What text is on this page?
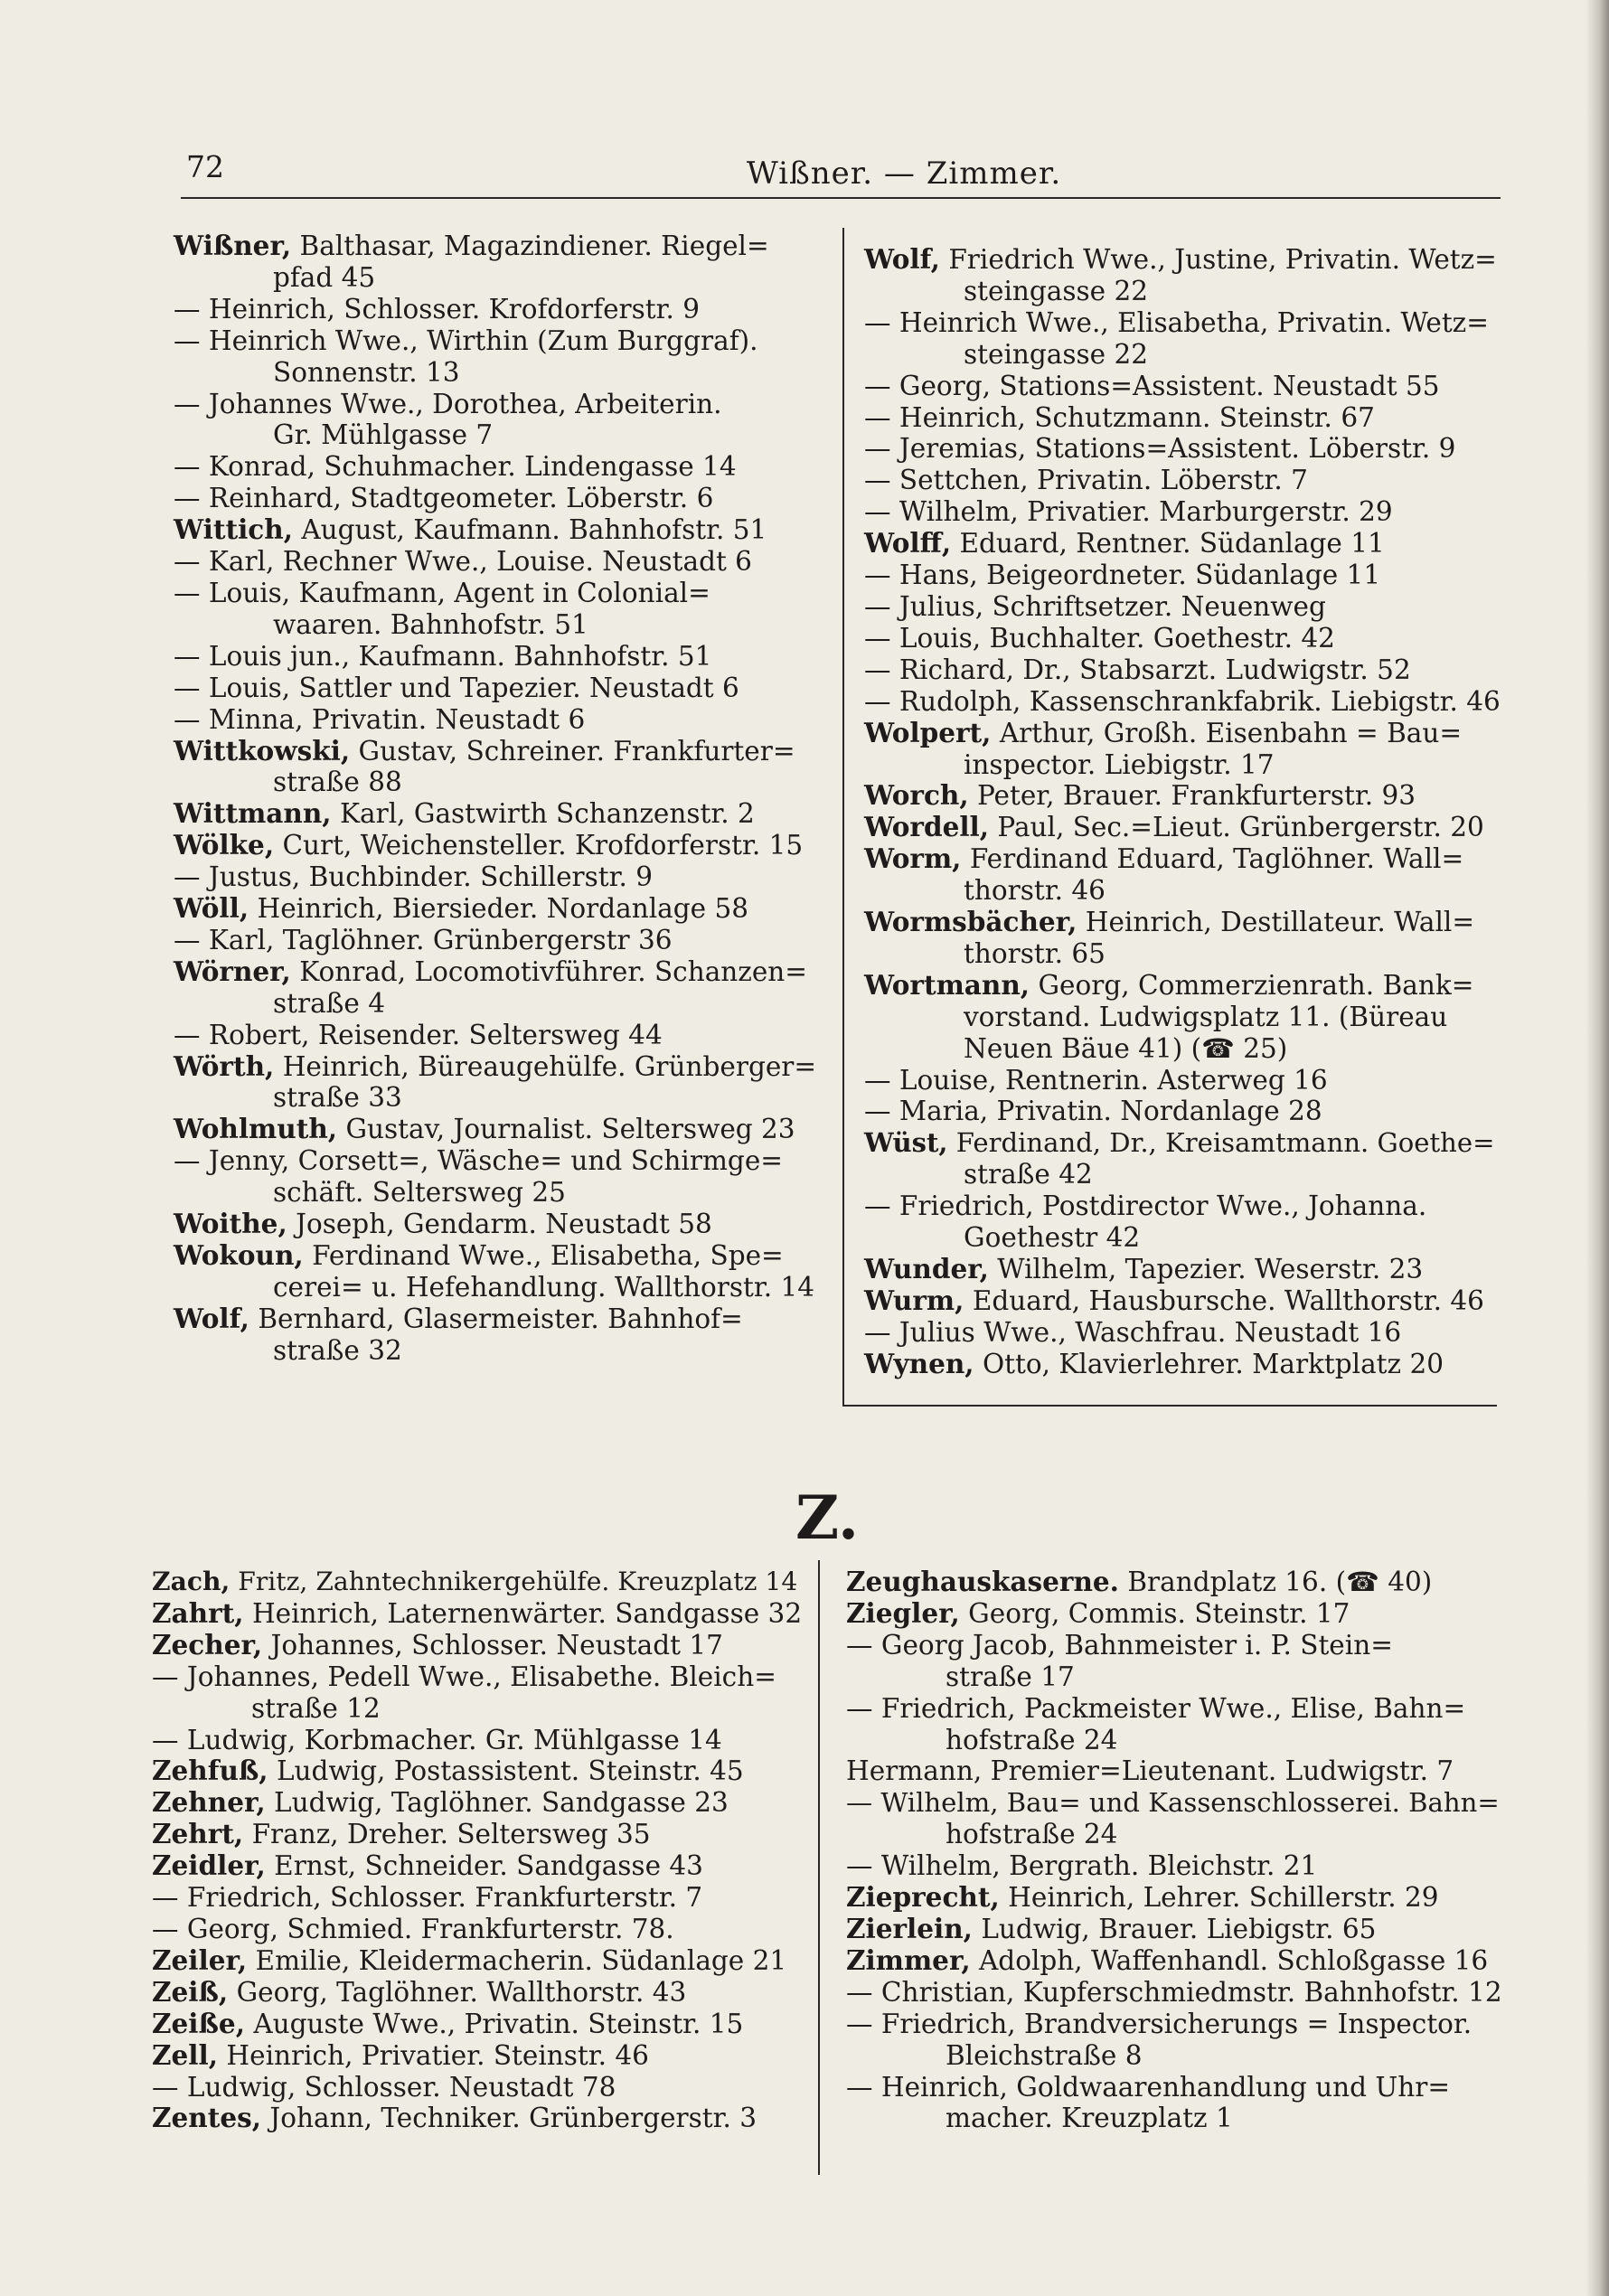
72	Wißner. — Zimmer.
Z.
Wißner,
Balthasar, Magazindiener. Riegel=
pfad 45
— Heinrich, Schlosser. Krofdorferstr. 9
— Heinrich Wwe., Wirthin (Zum Burggraf).
Sonnenstr. 13
— Johannes Wwe., Dorothea, Arbeiterin.
Gr. Mühlgasse 7
— Konrad, Schuhmacher. Lindengasse 14
— Reinhard, Stadtgeometer. Löberstr. 6
Wittich,
August, Kaufmann. Bahnhofstr. 51
— Karl, Rechner Wwe., Louise. Neustadt 6
— Louis, Kaufmann, Agent in Colonial=
waaren. Bahnhofstr. 51
— Louis jun., Kaufmann. Bahnhofstr. 51
— Louis, Sattler und Tapezier. Neustadt 6
— Minna, Privatin. Neustadt 6
Wittkowski,
Gustav, Schreiner. Frankfurter=
straße 88
Wittmann,
Karl, Gastwirth Schanzenstr. 2
Wölke,
Curt, Weichensteller. Krofdorferstr. 15
— Justus, Buchbinder. Schillerstr. 9
Wöll,
Heinrich, Biersieder. Nordanlage 58
— Karl, Taglöhner. Grünbergerstr 36
Wörner,
Konrad, Locomotivführer. Schanzen=
straße 4
— Robert, Reisender. Seltersweg 44
Wörth,
Heinrich, Büreaugehülfe. Grünberger=
straße 33
Wohlmuth,
Gustav, Journalist. Seltersweg 23
— Jenny, Corsett=, Wäsche= und Schirmge=
schäft. Seltersweg 25
Woithe,
Joseph, Gendarm. Neustadt 58
Wokoun,
Ferdinand Wwe., Elisabetha, Spe=
cerei= u. Hefehandlung. Wallthorstr. 14
Wolf,
Bernhard, Glasermeister. Bahnhof=
straße 32
Wolf,
Friedrich Wwe., Justine, Privatin. Wetz=
steingasse 22
— Heinrich Wwe., Elisabetha, Privatin. Wetz=
steingasse 22
— Georg, Stations=Assistent. Neustadt 55
— Heinrich, Schutzmann. Steinstr. 67
— Jeremias, Stations=Assistent. Löberstr. 9
— Settchen, Privatin. Löberstr. 7
— Wilhelm, Privatier. Marburgerstr. 29
Wolff,
Eduard, Rentner. Südanlage 11
— Hans, Beigeordneter. Südanlage 11
— Julius, Schriftsetzer. Neuenweg
— Louis, Buchhalter. Goethestr. 42
— Richard, Dr., Stabsarzt. Ludwigstr. 52
— Rudolph, Kassenschrankfabrik. Liebigstr. 46
Wolpert,
Arthur, Großh. Eisenbahn = Bau=
inspector. Liebigstr. 17
Worch,
Peter, Brauer. Frankfurterstr. 93
Wordell,
Paul, Sec.=Lieut. Grünbergerstr. 20
Worm,
Ferdinand Eduard, Taglöhner. Wall=
thorstr. 46
Wormsbächer,
Heinrich, Destillateur. Wall=
thorstr. 65
Wortmann,
Georg, Commerzienrath. Bank=
vorstand. Ludwigsplatz 11. (Büreau
Neuen Bäue 41) (☎ 25)
— Louise, Rentnerin. Asterweg 16
— Maria, Privatin. Nordanlage 28
Wüst,
Ferdinand, Dr., Kreisamtmann. Goethe=
straße 42
— Friedrich, Postdirector Wwe., Johanna.
Goethestr 42
Wunder,
Wilhelm, Tapezier. Weserstr. 23
Wurm,
Eduard, Hausbursche. Wallthorstr. 46
— Julius Wwe., Waschfrau. Neustadt 16
Wynen,
Otto, Klavierlehrer. Marktplatz 20
Zach,
Fritz, Zahntechnikergehülfe. Kreuzplatz 14
Zahrt,
Heinrich, Laternenwärter. Sandgasse 32
Zecher,
Johannes, Schlosser. Neustadt 17
— Johannes, Pedell Wwe., Elisabethe. Bleich=
straße 12
— Ludwig, Korbmacher. Gr. Mühlgasse 14
Zehfuß,
Ludwig, Postassistent. Steinstr. 45
Zehner,
Ludwig, Taglöhner. Sandgasse 23
Zehrt,
Franz, Dreher. Seltersweg 35
Zeidler,
Ernst, Schneider. Sandgasse 43
— Friedrich, Schlosser. Frankfurterstr. 7
— Georg, Schmied. Frankfurterstr. 78.
Zeiler,
Emilie, Kleidermacherin. Südanlage 21
Zeiß,
Georg, Taglöhner. Wallthorstr. 43
Zeiße,
Auguste Wwe., Privatin. Steinstr. 15
Zell,
Heinrich, Privatier. Steinstr. 46
— Ludwig, Schlosser. Neustadt 78
Zentes,
Johann, Techniker. Grünbergerstr. 3
Zeughauskaserne.
Brandplatz 16. (☎ 40)
Ziegler,
Georg, Commis. Steinstr. 17
— Georg Jacob, Bahnmeister i. P. Stein=
straße 17
— Friedrich, Packmeister Wwe., Elise, Bahn=
hofstraße 24
Hermann, Premier=Lieutenant. Ludwigstr. 7
— Wilhelm, Bau= und Kassenschlosserei. Bahn=
hofstraße 24
— Wilhelm, Bergrath. Bleichstr. 21
Zieprecht,
Heinrich, Lehrer. Schillerstr. 29
Zierlein,
Ludwig, Brauer. Liebigstr. 65
Zimmer,
Adolph, Waffenhandl. Schloßgasse 16
— Christian, Kupferschmiedmstr. Bahnhofstr. 12
— Friedrich, Brandversicherungs = Inspector.
Bleichstraße 8
— Heinrich, Goldwaarenhandlung und Uhr=
macher. Kreuzplatz 1
